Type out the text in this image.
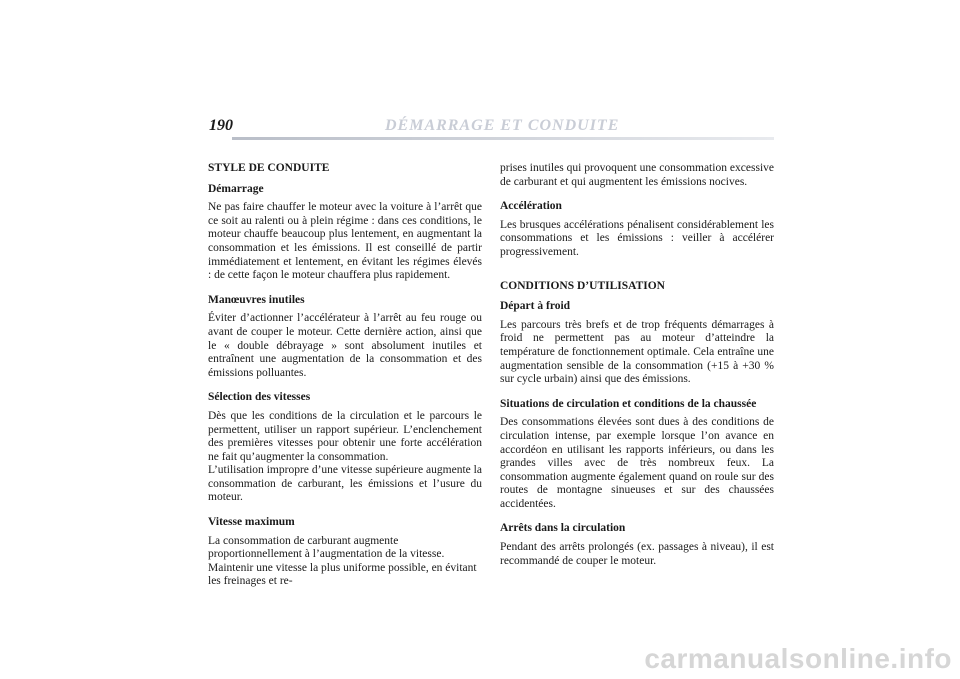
190	DÉMARRAGE ET CONDUITE
STYLE DE CONDUITE
Démarrage

Ne pas faire chauffer le moteur avec la voiture à l’arrêt que ce soit au ralenti ou à plein régime : dans ces conditions, le moteur chauffe beaucoup plus lentement, en augmentant la consommation et les émissions. Il est conseillé de partir immédiatement et lentement, en évitant les régimes élevés : de cette façon le moteur chauffera plus rapidement.

Manœuvres inutiles

Éviter d’actionner l’accélérateur à l’arrêt au feu rouge ou avant de couper le moteur. Cette dernière action, ainsi que le « double débrayage » sont absolument inutiles et entraînent une augmentation de la consommation et des émissions polluantes.

Sélection des vitesses

Dès que les conditions de la circulation et le parcours le permettent, utiliser un rapport supérieur. L’enclenchement des premières vitesses pour obtenir une forte accélération ne fait qu’augmenter la consommation.

L’utilisation impropre d’une vitesse supérieure augmente la consommation de carburant, les émissions et l’usure du moteur.

Vitesse maximum

La consommation de carburant augmente proportionnellement à l’augmentation de la vitesse. Maintenir une vitesse la plus uniforme possible, en évitant les freinages et re-

prises inutiles qui provoquent une consommation excessive de carburant et qui augmentent les émissions nocives.

Accélération

Les brusques accélérations pénalisent considérablement les consommations et les émissions : veiller à accélérer progressivement.

CONDITIONS D’UTILISATION
Départ à froid

Les parcours très brefs et de trop fréquents démarrages à froid ne permettent pas au moteur d’atteindre la température de fonctionnement optimale. Cela entraîne une augmentation sensible de la consommation (+15 à +30 % sur cycle urbain) ainsi que des émissions.

Situations de circulation et conditions de la chaussée

Des consommations élevées sont dues à des conditions de circulation intense, par exemple lorsque l’on avance en accordéon en utilisant les rapports inférieurs, ou dans les grandes villes avec de très nombreux feux. La consommation augmente également quand on roule sur des routes de montagne sinueuses et sur des chaussées accidentées.

Arrêts dans la circulation

Pendant des arrêts prolongés (ex. passages à niveau), il est recommandé de couper le moteur.

carmanualsonline.info
